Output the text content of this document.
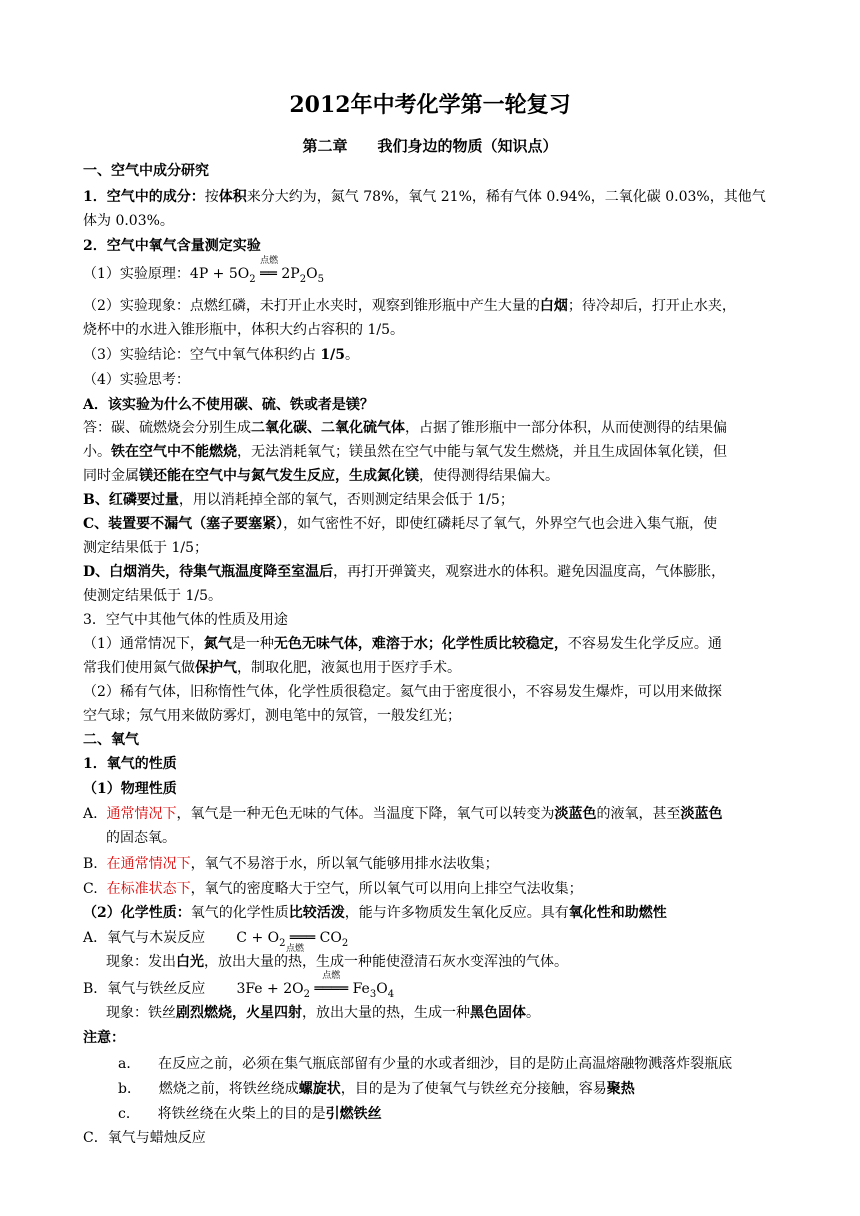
2012年中考化学第一轮复习
第二章 我们身边的物质（知识点）
一、空气中成分研究
1．空气中的成分：按体积来分大约为，氮气 78%，氧气 21%，稀有气体 0.94%，二氧化碳 0.03%，其他气
体为 0.03%。
2．空气中氧气含量测定实验
（1）实验原理：$4P + 5O_2$
点燃
══ $2P_2O_5$
（2）实验现象：点燃红磷，未打开止水夹时，观察到锥形瓶中产生大量的白烟；待冷却后，打开止水夹，
烧杯中的水进入锥形瓶中，体积大约占容积的 1/5。
（3）实验结论：空气中氧气体积约占 1/5。
（4）实验思考：
A．该实验为什么不使用碳、硫、铁或者是镁？
答：碳、硫燃烧会分别生成二氧化碳、二氧化硫气体，占据了锥形瓶中一部分体积，从而使测得的结果偏
小。铁在空气中不能燃烧，无法消耗氧气；镁虽然在空气中能与氧气发生燃烧，并且生成固体氧化镁，但
同时金属镁还能在空气中与氮气发生反应，生成氮化镁，使得测得结果偏大。
B、红磷要过量，用以消耗掉全部的氧气，否则测定结果会低于 1/5；
C、装置要不漏气（塞子要塞紧），如气密性不好，即使红磷耗尽了氧气，外界空气也会进入集气瓶，使
测定结果低于 1/5；
D、白烟消失，待集气瓶温度降至室温后，再打开弹簧夹，观察进水的体积。避免因温度高，气体膨胀，
使测定结果低于 1/5。
3．空气中其他气体的性质及用途
（1）通常情况下，氮气是一种无色无味气体，难溶于水；化学性质比较稳定，不容易发生化学反应。通
常我们使用氮气做保护气，制取化肥，液氮也用于医疗手术。
（2）稀有气体，旧称惰性气体，化学性质很稳定。氦气由于密度很小，不容易发生爆炸，可以用来做探
空气球；氖气用来做防雾灯，测电笔中的氖管，一般发红光；
二、氧气
1．氧气的性质
（1）物理性质
A. 通常情况下，氧气是一种无色无味的气体。当温度下降，氧气可以转变为淡蓝色的液氧，甚至淡蓝色
的固态氧。
B. 在通常情况下，氧气不易溶于水，所以氧气能够用排水法收集；
C. 在标准状态下，氧气的密度略大于空气，所以氧气可以用向上排空气法收集；
（2）化学性质：氧气的化学性质比较活泼，能与许多物质发生氧化反应。具有氧化性和助燃性
A．氧气与木炭反应 $C + O_2$ ═══ $CO_2$
现象：发出白光，放出大量的热，生成一种能使澄清石灰水变浑浊的气体。
点燃
B．氧气与铁丝反应 $3Fe + 2O_2$
点燃
════ $Fe_3O_4$
现象：铁丝剧烈燃烧，火星四射，放出大量的热，生成一种黑色固体。
注意：
a． 在反应之前，必须在集气瓶底部留有少量的水或者细沙，目的是防止高温熔融物溅落炸裂瓶底
b． 燃烧之前，将铁丝绕成螺旋状，目的是为了使氧气与铁丝充分接触，容易聚热
c． 将铁丝绕在火柴上的目的是引燃铁丝
C．氧气与蜡烛反应
